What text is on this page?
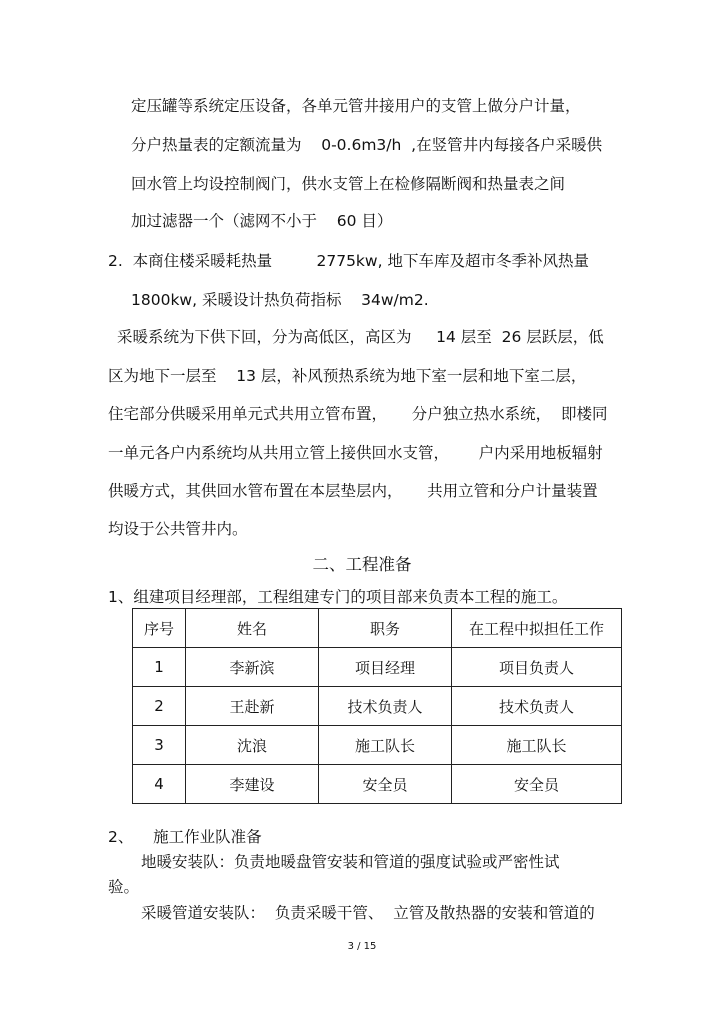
定压罐等系统定压设备，各单元管井接用户的支管上做分户计量，
分户热量表的定额流量为    0-0.6m3/h  ,在竖管井内每接各户采暖供
回水管上均设控制阀门，供水支管上在检修隔断阀和热量表之间
加过滤器一个（滤网不小于    60 目）
2.  本商住楼采暖耗热量         2775kw, 地下车库及超市冬季补风热量
1800kw, 采暖设计热负荷指标    34w/m2.
采暖系统为下供下回，分为高低区，高区为     14 层至  26 层跃层，低
区为地下一层至    13 层，补风预热系统为地下室一层和地下室二层，
住宅部分供暖采用单元式共用立管布置，     分户独立热水系统，  即楼同
一单元各户内系统均从共用立管上接供回水支管，      户内采用地板辐射
供暖方式，其供回水管布置在本层垫层内，     共用立管和分户计量装置
均设于公共管井内。
二、工程准备
1、组建项目经理部，工程组建专门的项目部来负责本工程的施工。
序号	姓名	职务	在工程中拟担任工作
1	李新滨	项目经理	项目负责人
2	王赴新	技术负责人	技术负责人
3	沈浪	施工队长	施工队长
4	李建设	安全员	安全员
2、    施工作业队准备
地暖安装队：负责地暖盘管安装和管道的强度试验或严密性试
验。
采暖管道安装队：  负责采暖干管、  立管及散热器的安装和管道的
3 / 15
